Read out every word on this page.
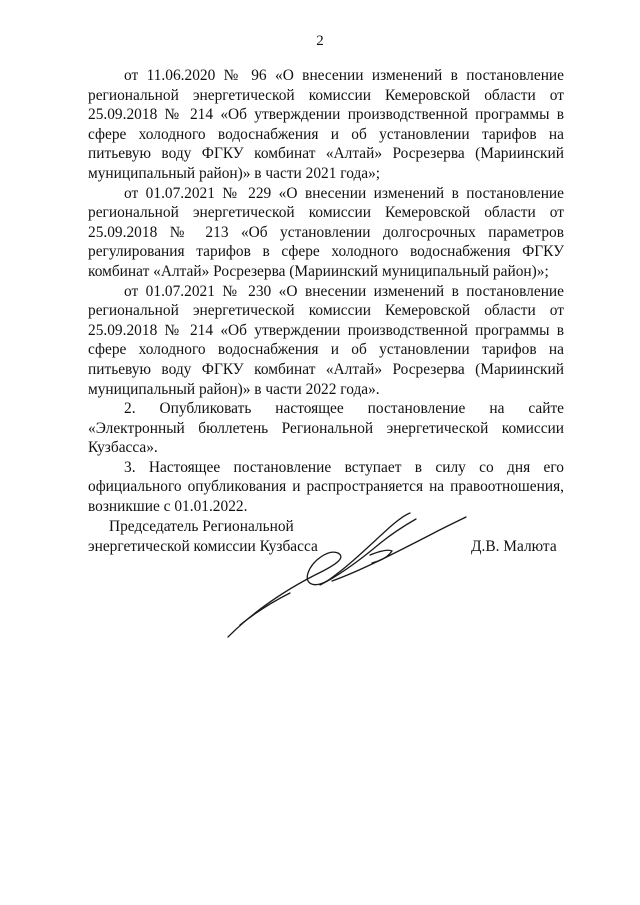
2

от 11.06.2020 № 96 «О внесении изменений в постановление региональной энергетической комиссии Кемеровской области от 25.09.2018 № 214 «Об утверждении производственной программы в сфере холодного водоснабжения и об установлении тарифов на питьевую воду ФГКУ комбинат «Алтай» Росрезерва (Мариинский муниципальный район)» в части 2021 года»;

от 01.07.2021 № 229 «О внесении изменений в постановление региональной энергетической комиссии Кемеровской области от 25.09.2018 № 213 «Об установлении долгосрочных параметров регулирования тарифов в сфере холодного водоснабжения ФГКУ комбинат «Алтай» Росрезерва (Мариинский муниципальный район)»;

от 01.07.2021 № 230 «О внесении изменений в постановление региональной энергетической комиссии Кемеровской области от 25.09.2018 № 214 «Об утверждении производственной программы в сфере холодного водоснабжения и об установлении тарифов на питьевую воду ФГКУ комбинат «Алтай» Росрезерва (Мариинский муниципальный район)» в части 2022 года».

2. Опубликовать настоящее постановление на сайте «Электронный бюллетень Региональной энергетической комиссии Кузбасса».

3. Настоящее постановление вступает в силу со дня его официального опубликования и распространяется на правоотношения, возникшие с 01.01.2022.

Председатель Региональной
энергетической комиссии Кузбасса	Д.В. Малюта
